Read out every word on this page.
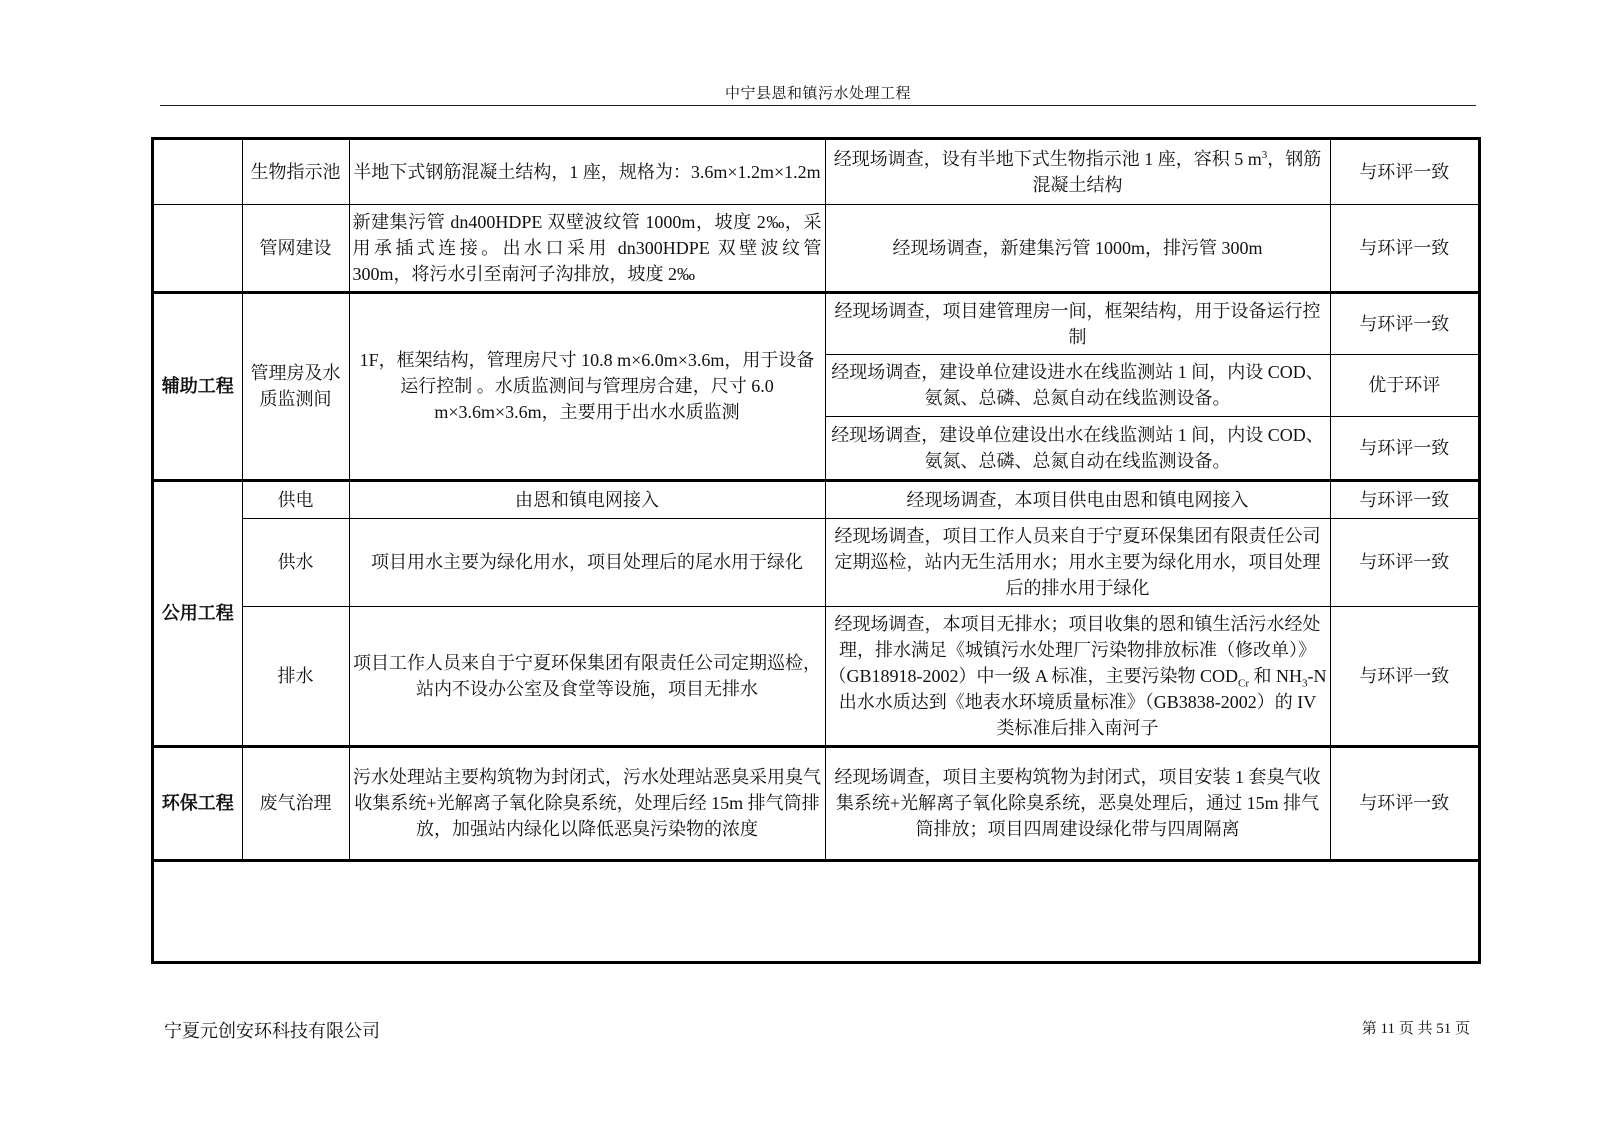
中宁县恩和镇污水处理工程
	生物指示池	半地下式钢筋混凝土结构，1 座，规格为：3.6m×1.2m×1.2m	经现场调查，设有半地下式生物指示池 1 座，容积 5 $m^3$，钢筋混凝土结构	与环评一致
	管网建设	新建集污管 dn400HDPE 双壁波纹管 1000m，坡度 2‰，采用承插式连接。出水口采用 dn300HDPE 双壁波纹管 300m，将污水引至南河子沟排放，坡度 2‰	经现场调查，新建集污管 1000m，排污管 300m	与环评一致
辅助工程	管理房及水质监测间	1F，框架结构，管理房尺寸 10.8 m×6.0m×3.6m，用于设备运行控制 。水质监测间与管理房合建，尺寸 6.0 m×3.6m×3.6m，主要用于出水水质监测	经现场调查，项目建管理房一间，框架结构，用于设备运行控制	与环评一致
			经现场调查，建设单位建设进水在线监测站 1 间，内设 COD、氨氮、总磷、总氮自动在线监测设备。	优于环评
			经现场调查，建设单位建设出水在线监测站 1 间，内设 COD、氨氮、总磷、总氮自动在线监测设备。	与环评一致
公用工程	供电	由恩和镇电网接入	经现场调查，本项目供电由恩和镇电网接入	与环评一致
	供水	项目用水主要为绿化用水，项目处理后的尾水用于绿化	经现场调查，项目工作人员来自于宁夏环保集团有限责任公司定期巡检，站内无生活用水；用水主要为绿化用水，项目处理后的排水用于绿化	与环评一致
	排水	项目工作人员来自于宁夏环保集团有限责任公司定期巡检，站内不设办公室及食堂等设施，项目无排水	经现场调查，本项目无排水；项目收集的恩和镇生活污水经处理，排水满足《城镇污水处理厂污染物排放标准（修改单）》（GB18918-2002）中一级 A 标准，主要污染物 $COD_{Cr}$ 和 $NH_3-N$ 出水水质达到《地表水环境质量标准》（GB3838-2002）的 IV 类标准后排入南河子	与环评一致
环保工程	废气治理	污水处理站主要构筑物为封闭式，污水处理站恶臭采用臭气收集系统+光解离子氧化除臭系统，处理后经 15m 排气筒排放，加强站内绿化以降低恶臭污染物的浓度	经现场调查，项目主要构筑物为封闭式，项目安装 1 套臭气收集系统+光解离子氧化除臭系统，恶臭处理后，通过 15m 排气筒排放；项目四周建设绿化带与四周隔离	与环评一致
宁夏元创安环科技有限公司	第 11 页 共 51 页
